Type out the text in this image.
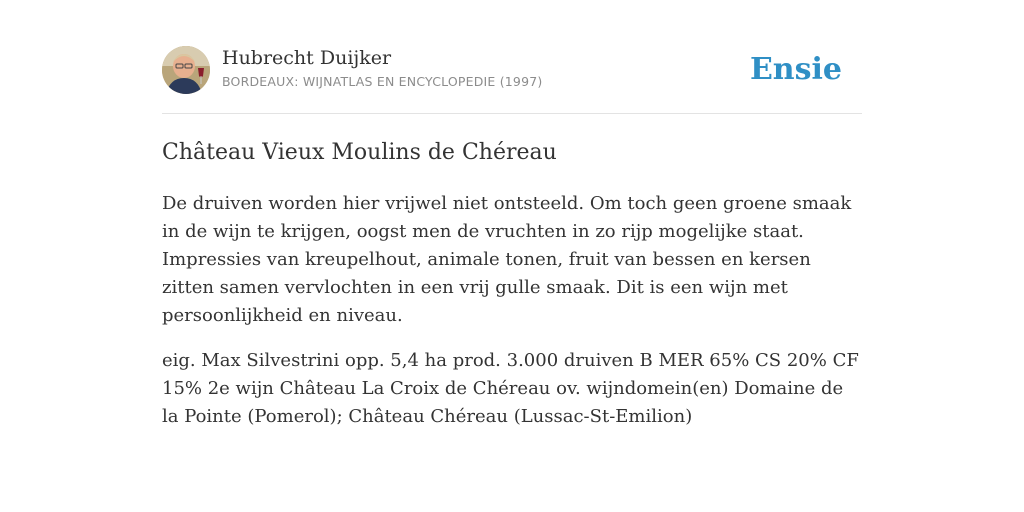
Hubrecht Duijker
BORDEAUX: WIJNATLAS EN ENCYCLOPEDIE (1997)	Ensie
Château Vieux Moulins de Chéreau

De druiven worden hier vrijwel niet ontsteeld. Om toch geen groene smaak in de wijn te krijgen, oogst men de vruchten in zo rijp mogelijke staat. Impressies van kreupelhout, animale tonen, fruit van bessen en kersen zitten samen vervlochten in een vrij gulle smaak. Dit is een wijn met persoonlijkheid en niveau.

eig. Max Silvestrini opp. 5,4 ha prod. 3.000 druiven B MER 65% CS 20% CF 15% 2e wijn Château La Croix de Chéreau ov. wijndomein(en) Domaine de la Pointe (Pomerol); Château Chéreau (Lussac-St-Emilion)
